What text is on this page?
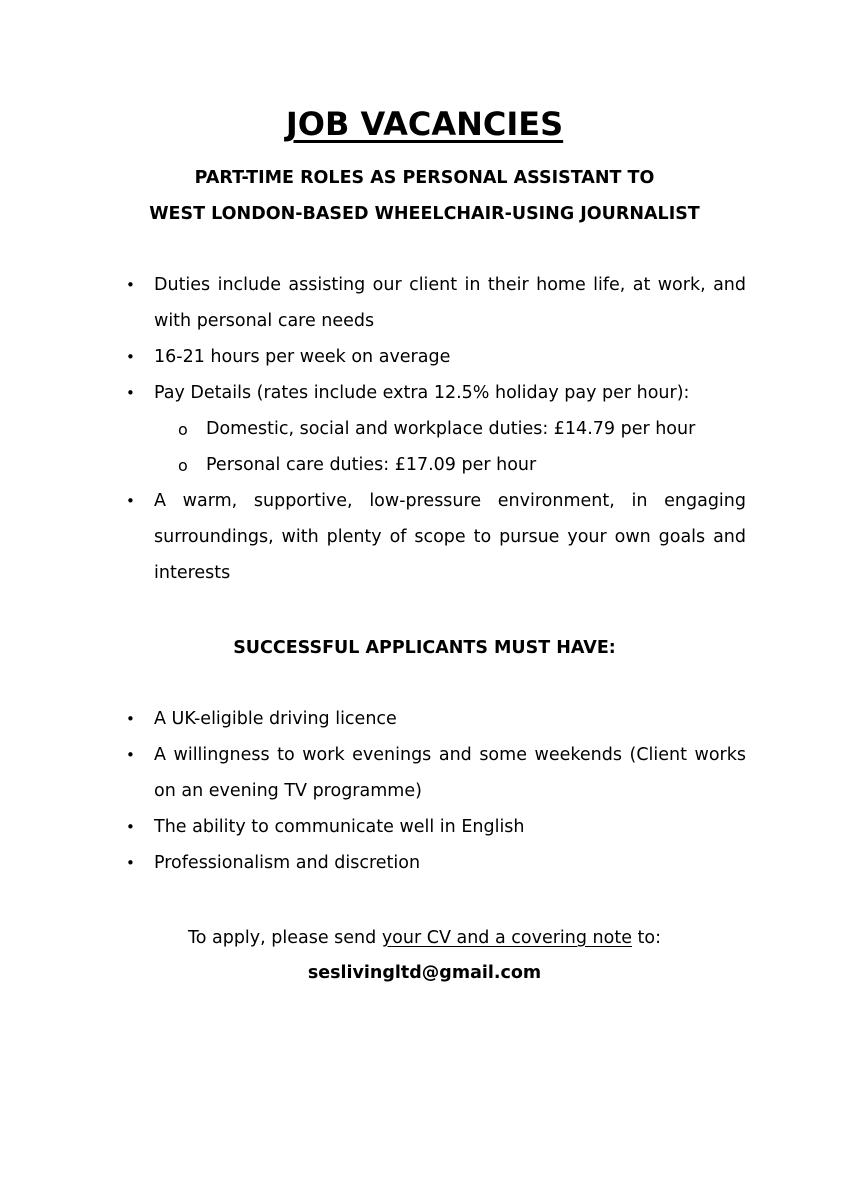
JOB VACANCIES
PART-TIME ROLES AS PERSONAL ASSISTANT TO
WEST LONDON-BASED WHEELCHAIR-USING JOURNALIST
• Duties include assisting our client in their home life, at work, and with personal care needs
• 16-21 hours per week on average
• Pay Details (rates include extra 12.5% holiday pay per hour):
o Domestic, social and workplace duties: £14.79 per hour
o Personal care duties: £17.09 per hour
• A warm, supportive, low-pressure environment, in engaging surroundings, with plenty of scope to pursue your own goals and interests
SUCCESSFUL APPLICANTS MUST HAVE:
• A UK-eligible driving licence
• A willingness to work evenings and some weekends (Client works on an evening TV programme)
• The ability to communicate well in English
• Professionalism and discretion
To apply, please send your CV and a covering note to:
seslivingltd@gmail.com
